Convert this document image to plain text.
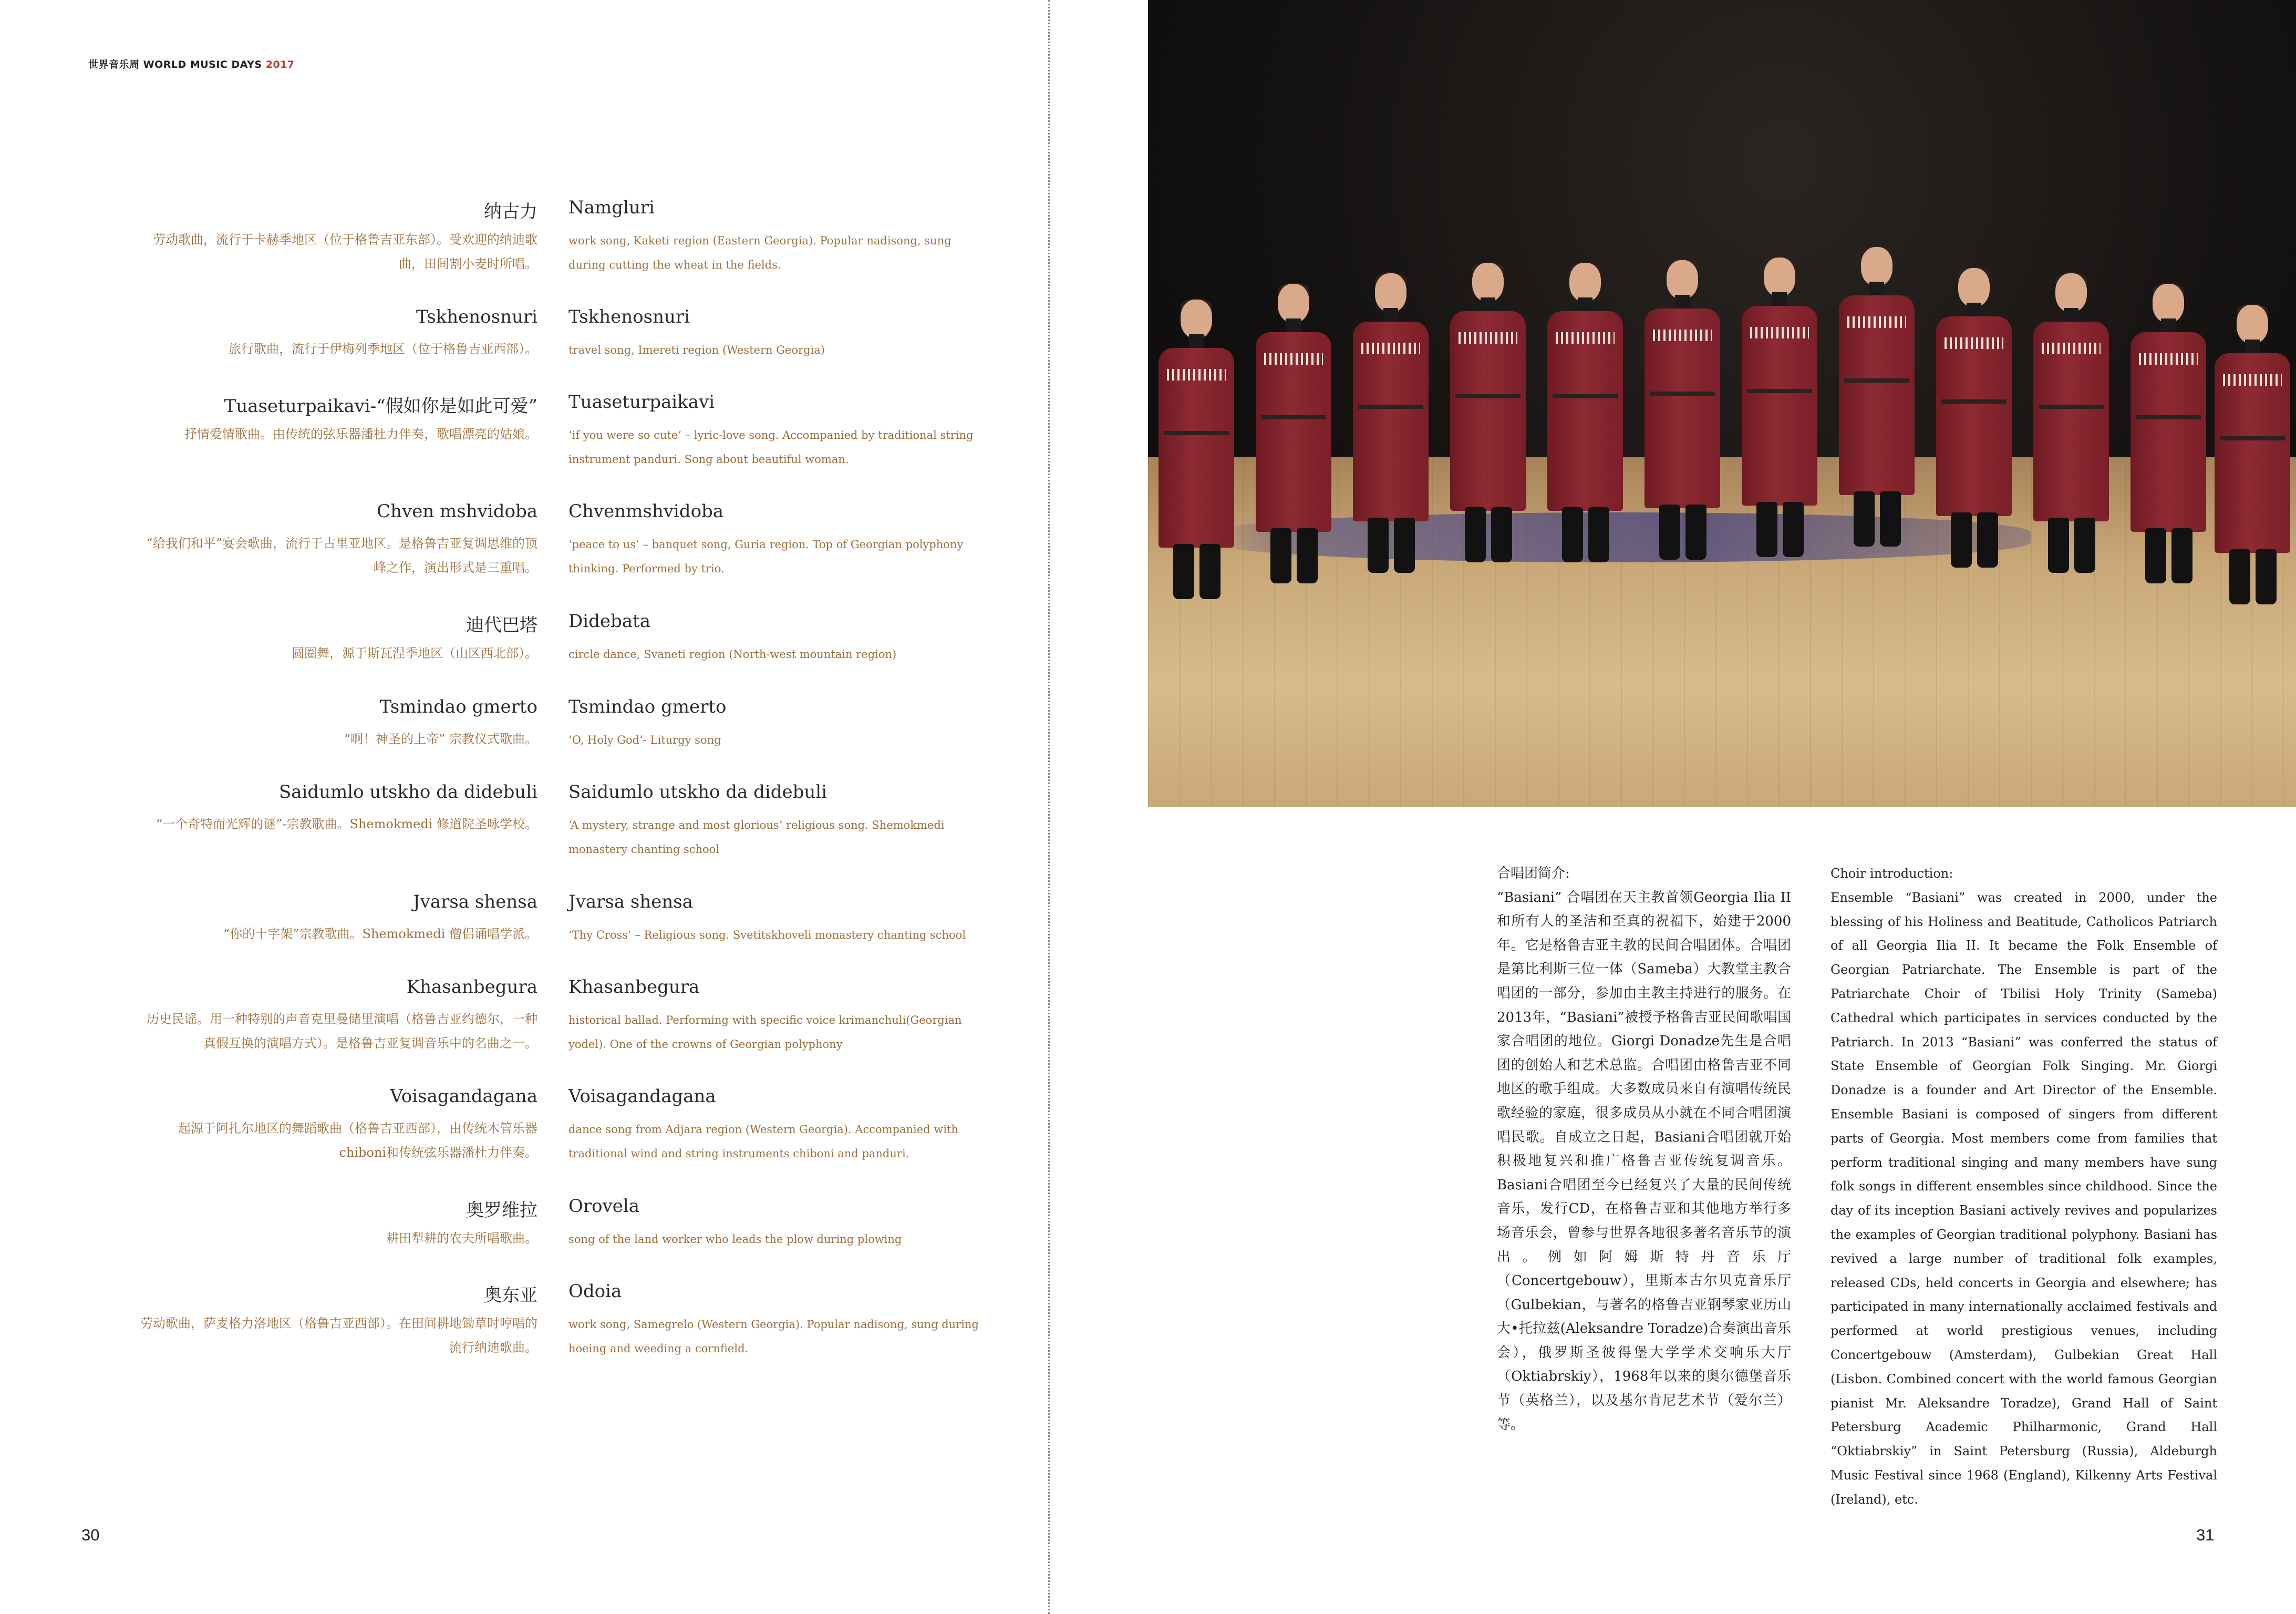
世界音乐周 WORLD MUSIC DAYS 2017
纳古力
劳动歌曲，流行于卡赫季地区（位于格鲁吉亚东部）。受欢迎的纳迪歌曲，田间割小麦时所唱。
Namgluri
work song, Kaketi region (Eastern Georgia). Popular nadisong, sung during cutting the wheat in the fields.
Tskhenosnuri
旅行歌曲，流行于伊梅列季地区（位于格鲁吉亚西部）。
Tskhenosnuri
travel song, Imereti region (Western Georgia)
Tuaseturpaikavi-“假如你是如此可爱”
抒情爱情歌曲。由传统的弦乐器潘杜力伴奏，歌唱漂亮的姑娘。
Tuaseturpaikavi
‘if you were so cute’ – lyric-love song. Accompanied by traditional string instrument panduri. Song about beautiful woman.
Chven mshvidoba
“给我们和平”宴会歌曲，流行于古里亚地区。是格鲁吉亚复调思维的顶峰之作，演出形式是三重唱。
Chvenmshvidoba
‘peace to us’ – banquet song, Guria region. Top of Georgian polyphony thinking. Performed by trio.
迪代巴塔
圆圈舞，源于斯瓦涅季地区（山区西北部）。
Didebata
circle dance, Svaneti region (North-west mountain region)
Tsmindao gmerto
“啊！神圣的上帝” 宗教仪式歌曲。
Tsmindao gmerto
‘O, Holy God’- Liturgy song
Saidumlo utskho da didebuli
“一个奇特而光辉的谜”-宗教歌曲。Shemokmedi 修道院圣咏学校。
Saidumlo utskho da didebuli
‘A mystery, strange and most glorious’ religious song. Shemokmedi monastery chanting school
Jvarsa shensa
“你的十字架”宗教歌曲。Shemokmedi 僧侣诵唱学派。
Jvarsa shensa
‘Thy Cross’ – Religious song. Svetitskhoveli monastery chanting school
Khasanbegura
历史民谣。用一种特别的声音克里曼储里演唱（格鲁吉亚约德尔，一种真假互换的演唱方式）。是格鲁吉亚复调音乐中的名曲之一。
Khasanbegura
historical ballad. Performing with specific voice krimanchuli(Georgian yodel). One of the crowns of Georgian polyphony
Voisagandagana
起源于阿扎尔地区的舞蹈歌曲（格鲁吉亚西部），由传统木管乐器chiboni和传统弦乐器潘杜力伴奏。
Voisagandagana
dance song from Adjara region (Western Georgia). Accompanied with traditional wind and string instruments chiboni and panduri.
奥罗维拉
耕田犁耕的农夫所唱歌曲。
Orovela
song of the land worker who leads the plow during plowing
奥东亚
劳动歌曲，萨麦格力洛地区（格鲁吉亚西部）。在田间耕地锄草时哼唱的流行纳迪歌曲。
Odoia
work song, Samegrelo (Western Georgia). Popular nadisong, sung during hoeing and weeding a cornfield.
30
合唱团简介:
“Basiani” 合唱团在天主教首领Georgia Ilia II和所有人的圣洁和至真的祝福下，始建于2000年。它是格鲁吉亚主教的民间合唱团体。合唱团是第比利斯三位一体（Sameba）大教堂主教合唱团的一部分，参加由主教主持进行的服务。在2013年，“Basiani”被授予格鲁吉亚民间歌唱国家合唱团的地位。Giorgi Donadze先生是合唱团的创始人和艺术总监。合唱团由格鲁吉亚不同地区的歌手组成。大多数成员来自有演唱传统民歌经验的家庭，很多成员从小就在不同合唱团演唱民歌。自成立之日起，Basiani合唱团就开始积极地复兴和推广格鲁吉亚传统复调音乐。Basiani合唱团至今已经复兴了大量的民间传统音乐，发行CD，在格鲁吉亚和其他地方举行多场音乐会，曾参与世界各地很多著名音乐节的演出。例如阿姆斯特丹音乐厅（Concertgebouw），里斯本古尔贝克音乐厅（Gulbekian，与著名的格鲁吉亚钢琴家亚历山大•托拉兹(Aleksandre Toradze)合奏演出音乐会），俄罗斯圣彼得堡大学学术交响乐大厅（Oktiabrskiy），1968年以来的奥尔德堡音乐节（英格兰），以及基尔肯尼艺术节（爱尔兰）等。
Choir introduction:
Ensemble “Basiani” was created in 2000, under the blessing of his Holiness and Beatitude, Catholicos Patriarch of all Georgia Ilia II. It became the Folk Ensemble of Georgian Patriarchate. The Ensemble is part of the Patriarchate Choir of Tbilisi Holy Trinity (Sameba) Cathedral which participates in services conducted by the Patriarch. In 2013 “Basiani” was conferred the status of State Ensemble of Georgian Folk Singing. Mr. Giorgi Donadze is a founder and Art Director of the Ensemble. Ensemble Basiani is composed of singers from different parts of Georgia. Most members come from families that perform traditional singing and many members have sung folk songs in different ensembles since childhood. Since the day of its inception Basiani actively revives and popularizes the examples of Georgian traditional polyphony. Basiani has revived a large number of traditional folk examples, released CDs, held concerts in Georgia and elsewhere; has participated in many internationally acclaimed festivals and performed at world prestigious venues, including Concertgebouw (Amsterdam), Gulbekian Great Hall (Lisbon. Combined concert with the world famous Georgian pianist Mr. Aleksandre Toradze), Grand Hall of Saint Petersburg Academic Philharmonic, Grand Hall “Oktiabrskiy” in Saint Petersburg (Russia), Aldeburgh Music Festival since 1968 (England), Kilkenny Arts Festival (Ireland), etc.
31
